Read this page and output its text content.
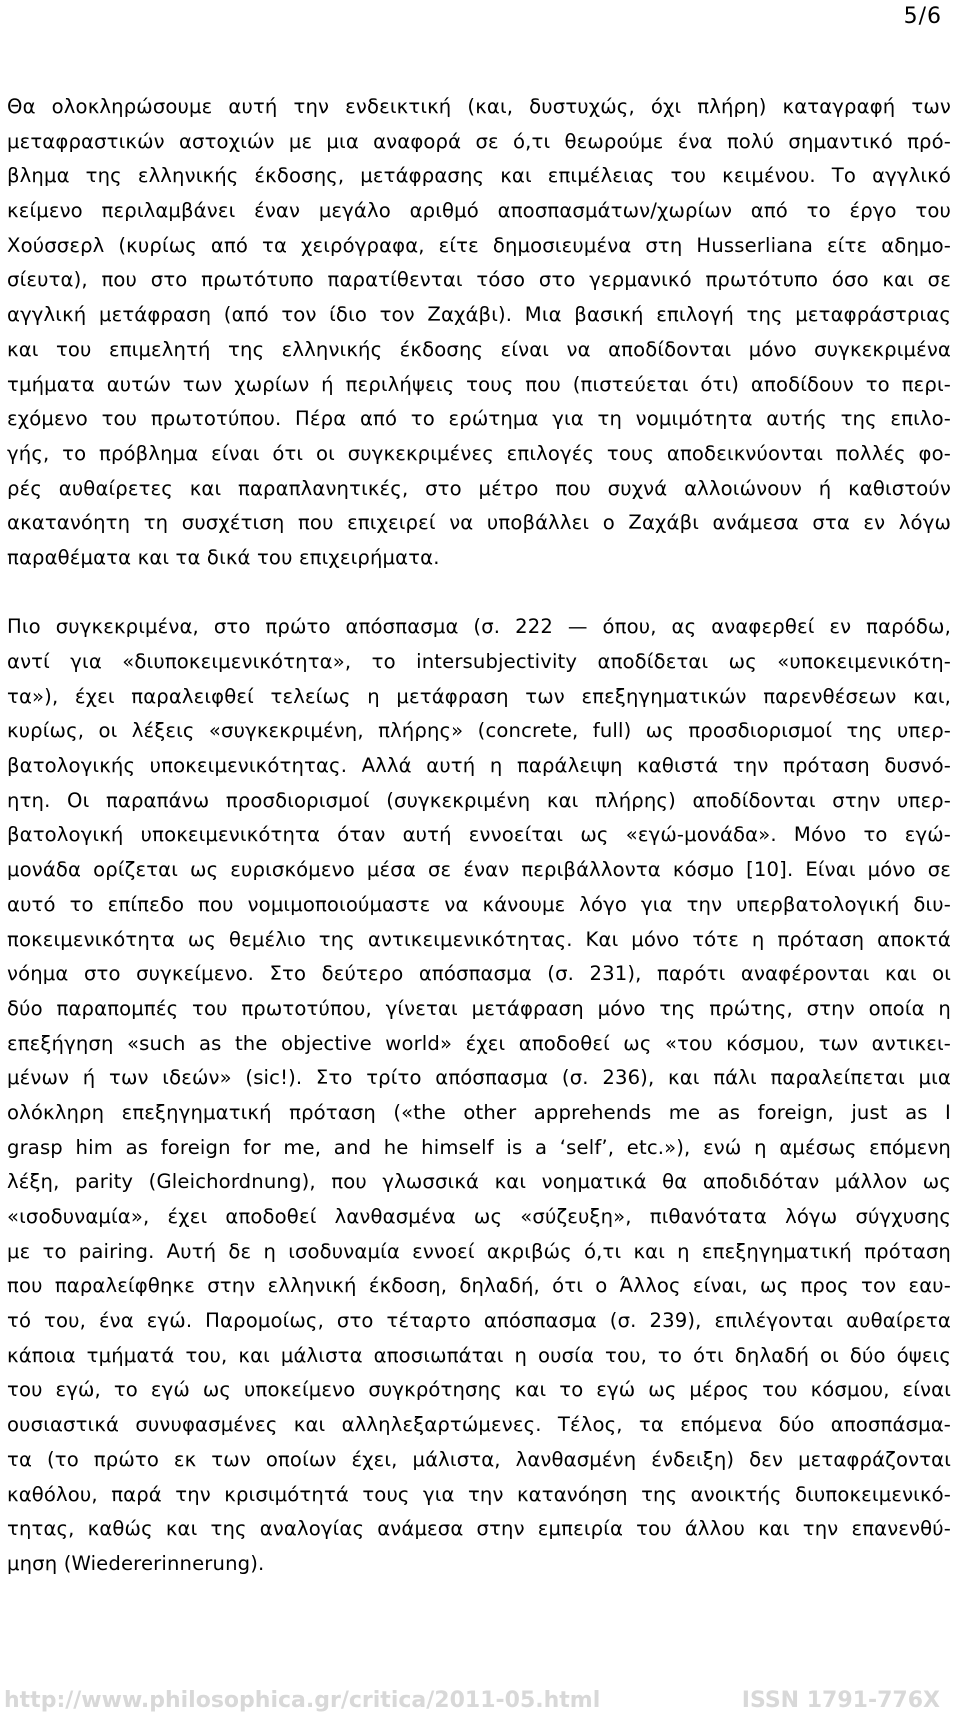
5/6
Θα ολοκληρώσουμε αυτή την ενδεικτική (και, δυστυχώς, όχι πλήρη) καταγραφή των
μεταφραστικών αστοχιών με μια αναφορά σε ό,τι θεωρούμε ένα πολύ σημαντικό πρό-
βλημα της ελληνικής έκδοσης, μετάφρασης και επιμέλειας του κειμένου. Το αγγλικό
κείμενο περιλαμβάνει έναν μεγάλο αριθμό αποσπασμάτων/χωρίων από το έργο του
Χούσσερλ (κυρίως από τα χειρόγραφα, είτε δημοσιευμένα στη Husserliana είτε αδημο-
σίευτα), που στο πρωτότυπο παρατίθενται τόσο στο γερμανικό πρωτότυπο όσο και σε
αγγλική μετάφραση (από τον ίδιο τον Ζαχάβι). Μια βασική επιλογή της μεταφράστριας
και του επιμελητή της ελληνικής έκδοσης είναι να αποδίδονται μόνο συγκεκριμένα
τμήματα αυτών των χωρίων ή περιλήψεις τους που (πιστεύεται ότι) αποδίδουν το περι-
εχόμενο του πρωτοτύπου. Πέρα από το ερώτημα για τη νομιμότητα αυτής της επιλο-
γής, το πρόβλημα είναι ότι οι συγκεκριμένες επιλογές τους αποδεικνύονται πολλές φο-
ρές αυθαίρετες και παραπλανητικές, στο μέτρο που συχνά αλλοιώνουν ή καθιστούν
ακατανόητη τη συσχέτιση που επιχειρεί να υποβάλλει ο Ζαχάβι ανάμεσα στα εν λόγω
παραθέματα και τα δικά του επιχειρήματα.
Πιο συγκεκριμένα, στο πρώτο απόσπασμα (σ. 222 — όπου, ας αναφερθεί εν παρόδω,
αντί για «διυποκειμενικότητα», το intersubjectivity αποδίδεται ως «υποκειμενικότη-
τα»), έχει παραλειφθεί τελείως η μετάφραση των επεξηγηματικών παρενθέσεων και,
κυρίως, οι λέξεις «συγκεκριμένη, πλήρης» (concrete, full) ως προσδιορισμοί της υπερ-
βατολογικής υποκειμενικότητας. Αλλά αυτή η παράλειψη καθιστά την πρόταση δυσνό-
ητη. Οι παραπάνω προσδιορισμοί (συγκεκριμένη και πλήρης) αποδίδονται στην υπερ-
βατολογική υποκειμενικότητα όταν αυτή εννοείται ως «εγώ-μονάδα». Μόνο το εγώ-
μονάδα ορίζεται ως ευρισκόμενο μέσα σε έναν περιβάλλοντα κόσμο [10]. Είναι μόνο σε
αυτό το επίπεδο που νομιμοποιούμαστε να κάνουμε λόγο για την υπερβατολογική διυ-
ποκειμενικότητα ως θεμέλιο της αντικειμενικότητας. Και μόνο τότε η πρόταση αποκτά
νόημα στο συγκείμενο. Στο δεύτερο απόσπασμα (σ. 231), παρότι αναφέρονται και οι
δύο παραπομπές του πρωτοτύπου, γίνεται μετάφραση μόνο της πρώτης, στην οποία η
επεξήγηση «such as the objective world» έχει αποδοθεί ως «του κόσμου, των αντικει-
μένων ή των ιδεών» (sic!). Στο τρίτο απόσπασμα (σ. 236), και πάλι παραλείπεται μια
ολόκληρη επεξηγηματική πρόταση («the other apprehends me as foreign, just as I
grasp him as foreign for me, and he himself is a ‘self’, etc.»), ενώ η αμέσως επόμενη
λέξη, parity (Gleichordnung), που γλωσσικά και νοηματικά θα αποδιδόταν μάλλον ως
«ισοδυναμία», έχει αποδοθεί λανθασμένα ως «σύζευξη», πιθανότατα λόγω σύγχυσης
με το pairing. Αυτή δε η ισοδυναμία εννοεί ακριβώς ό,τι και η επεξηγηματική πρόταση
που παραλείφθηκε στην ελληνική έκδοση, δηλαδή, ότι ο Άλλος είναι, ως προς τον εαυ-
τό του, ένα εγώ. Παρομοίως, στο τέταρτο απόσπασμα (σ. 239), επιλέγονται αυθαίρετα
κάποια τμήματά του, και μάλιστα αποσιωπάται η ουσία του, το ότι δηλαδή οι δύο όψεις
του εγώ, το εγώ ως υποκείμενο συγκρότησης και το εγώ ως μέρος του κόσμου, είναι
ουσιαστικά συνυφασμένες και αλληλεξαρτώμενες. Τέλος, τα επόμενα δύο αποσπάσμα-
τα (το πρώτο εκ των οποίων έχει, μάλιστα, λανθασμένη ένδειξη) δεν μεταφράζονται
καθόλου, παρά την κρισιμότητά τους για την κατανόηση της ανοικτής διυποκειμενικό-
τητας, καθώς και της αναλογίας ανάμεσα στην εμπειρία του άλλου και την επανενθύ-
μηση (Wiedererinnerung).
http://www.philosophica.gr/critica/2011-05.html	ISSN 1791-776X
